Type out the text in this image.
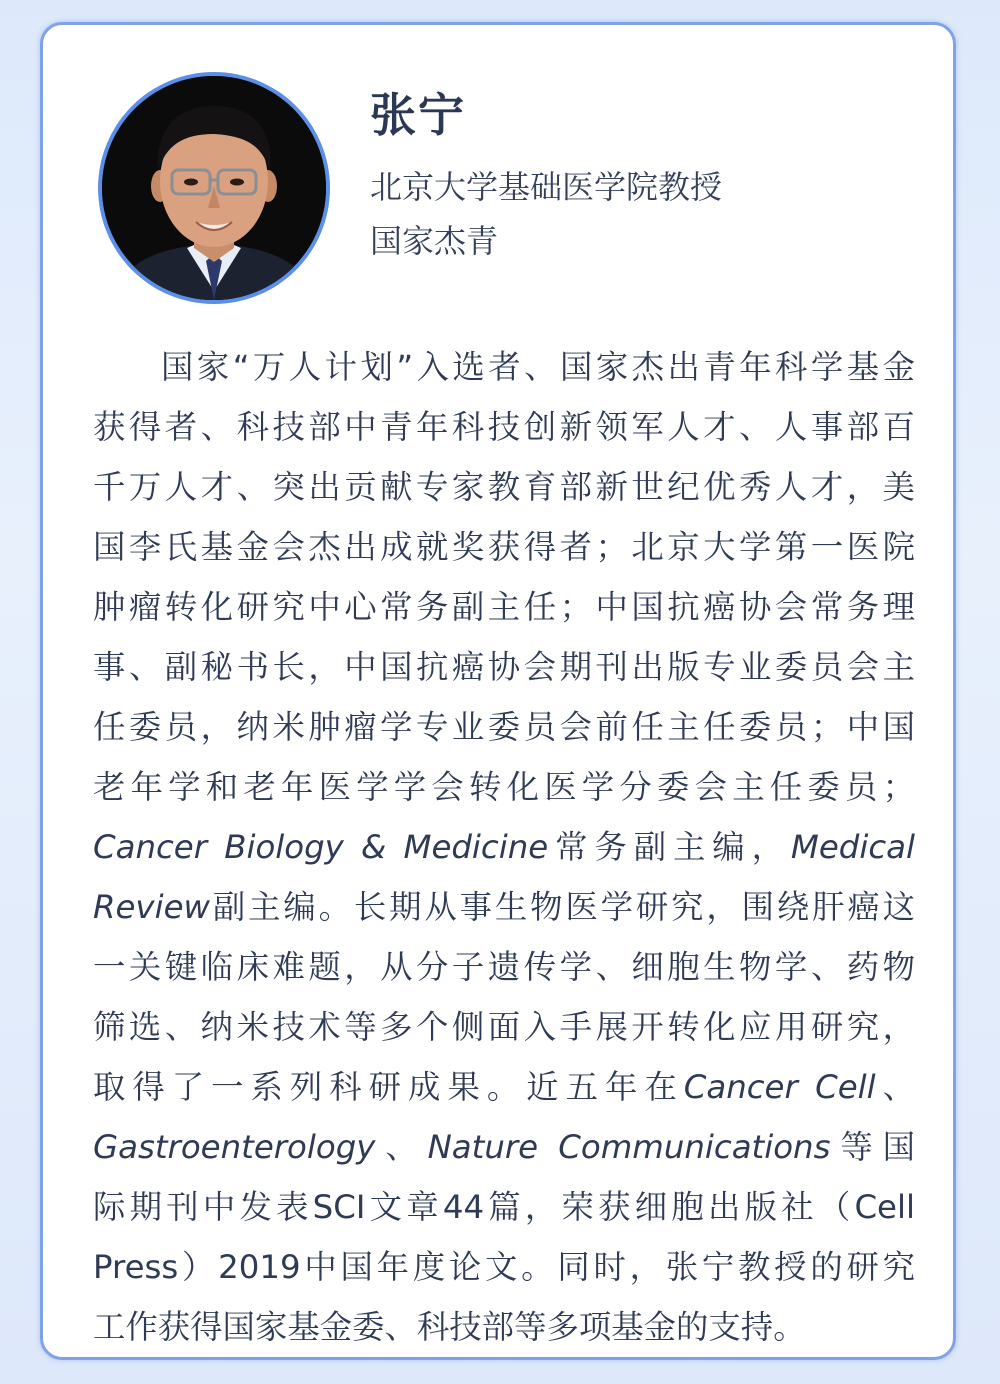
张宁
北京大学基础医学院教授
国家杰青
国家“万人计划”入选者、国家杰出青年科学基金
获得者、科技部中青年科技创新领军人才、人事部百
千万人才、突出贡献专家教育部新世纪优秀人才，美
国李氏基金会杰出成就奖获得者；北京大学第一医院
肿瘤转化研究中心常务副主任；中国抗癌协会常务理
事、副秘书长，中国抗癌协会期刊出版专业委员会主
任委员，纳米肿瘤学专业委员会前任主任委员；中国
老年学和老年医学学会转化医学分委会主任委员；
Cancer Biology & Medicine常务副主编，Medical
Review副主编。长期从事生物医学研究，围绕肝癌这
一关键临床难题，从分子遗传学、细胞生物学、药物
筛选、纳米技术等多个侧面入手展开转化应用研究，
取得了一系列科研成果。近五年在Cancer Cell、
Gastroenterology、Nature Communications等国
际期刊中发表SCI文章44篇，荣获细胞出版社（Cell
Press）2019中国年度论文。同时，张宁教授的研究
工作获得国家基金委、科技部等多项基金的支持。
